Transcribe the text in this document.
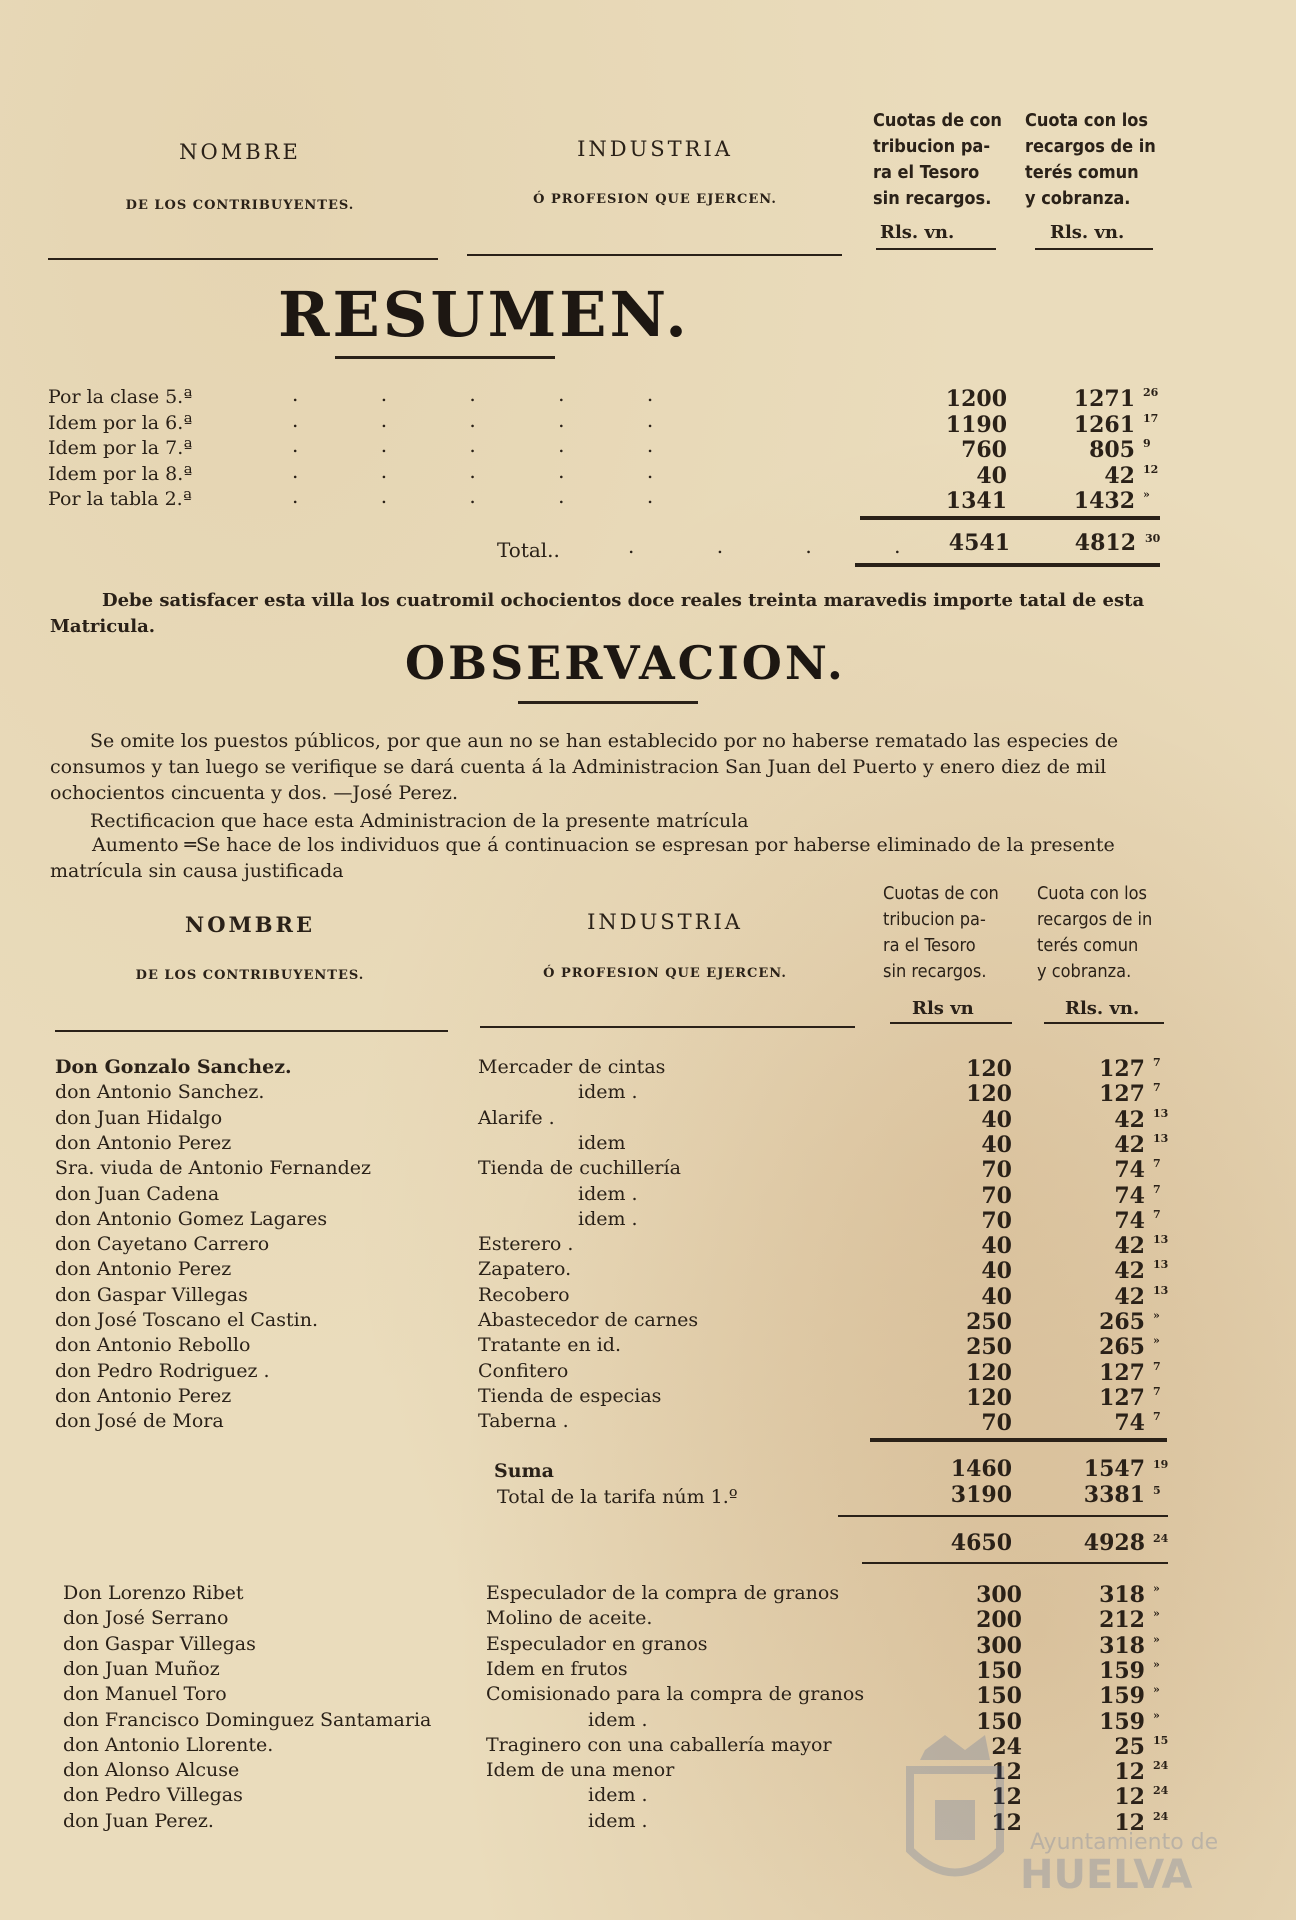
NOMBRE
DE LOS CONTRIBUYENTES.
INDUSTRIA
Ó PROFESION QUE EJERCEN.
Cuotas de con
tribucion pa-
ra el Tesoro
sin recargos.
Cuota con los
recargos de in
terés comun
y cobranza.
Rls. vn.	Rls. vn.
RESUMEN.
Por la clase 5.ª	1200	1271 26
. . . . .
Idem por la 6.ª	1190	1261 17
. . . . .
Idem por la 7.ª	760	805 9
. . . . .
Idem por la 8.ª	40	42 12
. . . . .
Por la tabla 2.ª	1341	1432 »
. . . . .
Total..	. . . . 4541	4812 30
Debe satisfacer esta villa los cuatromil ochocientos doce reales treinta maravedis importe tatal de esta Matricula.
OBSERVACION.
Se omite los puestos públicos, por que aun no se han establecido por no haberse rematado las especies de consumos y tan luego se verifique se dará cuenta á la Administracion San Juan del Puerto y enero diez de mil ochocientos cincuenta y dos. —José Perez.
Rectificacion que hace esta Administracion de la presente matrícula
Aumento ═Se hace de los individuos que á continuacion se espresan por haberse eliminado de la presente matrícula sin causa justificada
NOMBRE
DE LOS CONTRIBUYENTES.
INDUSTRIA
Ó PROFESION QUE EJERCEN.
Cuotas de con
tribucion pa-
ra el Tesoro
sin recargos.
Cuota con los
recargos de in
terés comun
y cobranza.
Rls vn	Rls. vn.
Don Gonzalo Sanchez.	Mercader de cintas	120	127 7
don Antonio Sanchez.	idem .	120	127 7
don Juan Hidalgo	Alarife .	40	42 13
don Antonio Perez	idem	40	42 13
Sra. viuda de Antonio Fernandez	Tienda de cuchillería	70	74 7
don Juan Cadena	idem .	70	74 7
don Antonio Gomez Lagares	idem .	70	74 7
don Cayetano Carrero	Esterero .	40	42 13
don Antonio Perez	Zapatero.	40	42 13
don Gaspar Villegas	Recobero	40	42 13
don José Toscano el Castin.	Abastecedor de carnes	250	265 »
don Antonio Rebollo	Tratante en id.	250	265 »
don Pedro Rodriguez .	Confitero	120	127 7
don Antonio Perez	Tienda de especias	120	127 7
don José de Mora	Taberna .	70	74 7
Suma	1460	1547 19
Total de la tarifa núm 1.º	3190	3381 5
4650	4928 24
Don Lorenzo Ribet	Especulador de la compra de granos	300	318 »
don José Serrano	Molino de aceite.	200	212 »
don Gaspar Villegas	Especulador en granos	300	318 »
don Juan Muñoz	Idem en frutos	150	159 »
don Manuel Toro	Comisionado para la compra de granos	150	159 »
don Francisco Dominguez Santamaria	idem .	150	159 »
don Antonio Llorente.	Traginero con una caballería mayor	24	25 15
don Alonso Alcuse	Idem de una menor	12	12 24
don Pedro Villegas	idem .	12	12 24
don Juan Perez.	idem .	12	12 24
Ayuntamiento de
HUELVA
